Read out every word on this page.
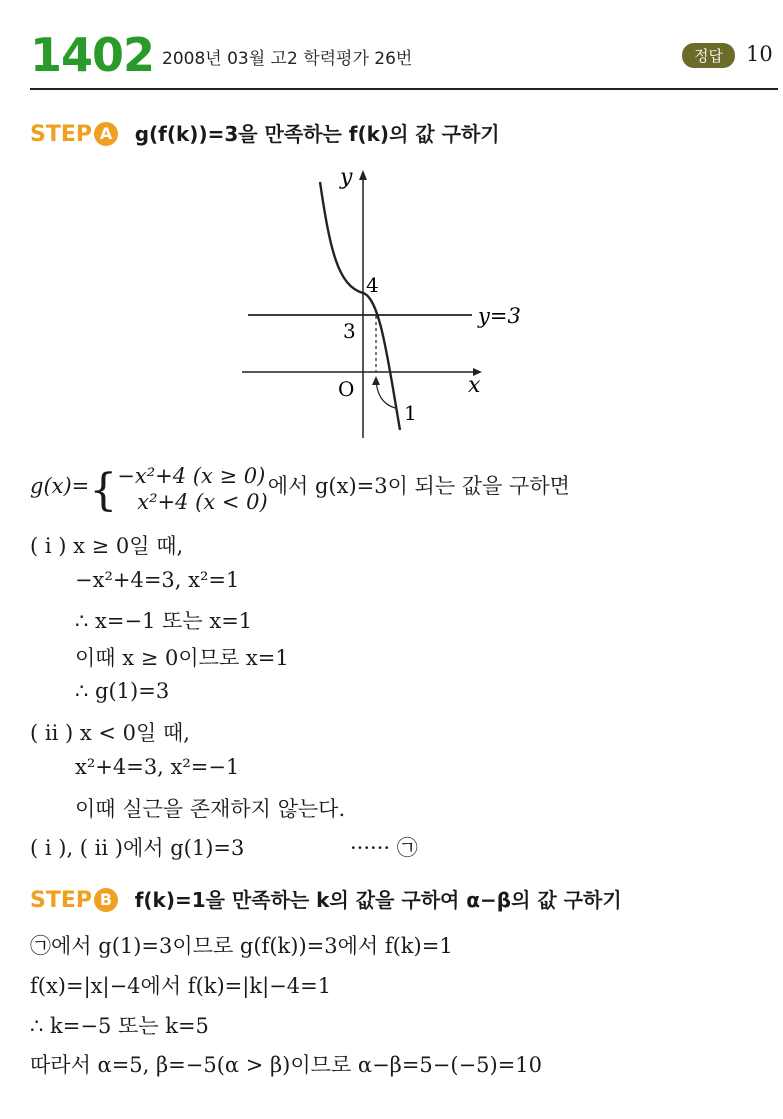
1402 2008년 03월 고2 학력평가 26번	정답	10
STEP A g(f(k))=3을 만족하는 f(k)의 값 구하기
y
x
O
4
3
y=3
1
g(x)={ −x²+4 (x ≥ 0)
x²+4 (x < 0)
에서 g(x)=3이 되는 값을 구하면
( i ) x ≥ 0일 때,
−x²+4=3, x²=1
∴ x=−1 또는 x=1
이때 x ≥ 0이므로 x=1
∴ g(1)=3
( ii ) x < 0일 때,
x²+4=3, x²=−1
이때 실근을 존재하지 않는다.
( i ), ( ii )에서 g(1)=3	······ ㉠
STEP B f(k)=1을 만족하는 k의 값을 구하여 α−β의 값 구하기
㉠에서 g(1)=3이므로 g(f(k))=3에서 f(k)=1
f(x)=|x|−4에서 f(k)=|k|−4=1
∴ k=−5 또는 k=5
따라서 α=5, β=−5(α > β)이므로 α−β=5−(−5)=10
